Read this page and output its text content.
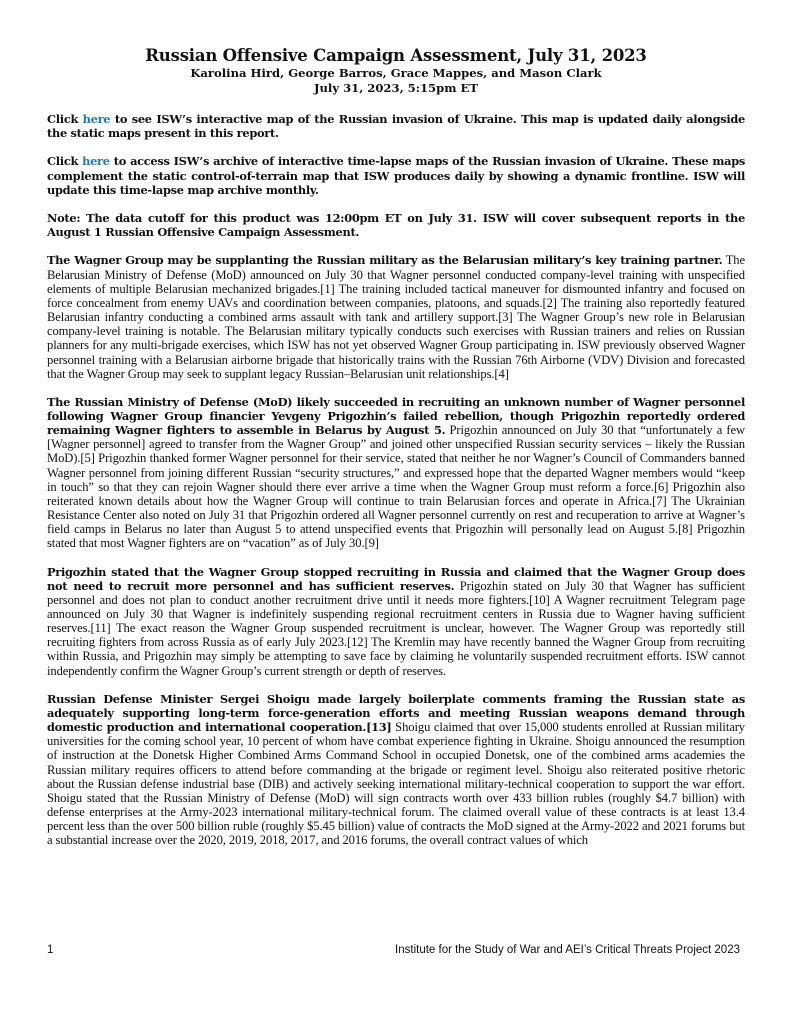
Russian Offensive Campaign Assessment, July 31, 2023
Karolina Hird, George Barros, Grace Mappes, and Mason Clark
July 31, 2023, 5:15pm ET

Click here to see ISW’s interactive map of the Russian invasion of Ukraine. This map is updated daily alongside the static maps present in this report.

Click here to access ISW’s archive of interactive time-lapse maps of the Russian invasion of Ukraine. These maps complement the static control-of-terrain map that ISW produces daily by showing a dynamic frontline. ISW will update this time-lapse map archive monthly.

Note: The data cutoff for this product was 12:00pm ET on July 31. ISW will cover subsequent reports in the August 1 Russian Offensive Campaign Assessment.

The Wagner Group may be supplanting the Russian military as the Belarusian military’s key training partner. The Belarusian Ministry of Defense (MoD) announced on July 30 that Wagner personnel conducted company-level training with unspecified elements of multiple Belarusian mechanized brigades.[1] The training included tactical maneuver for dismounted infantry and focused on force concealment from enemy UAVs and coordination between companies, platoons, and squads.[2] The training also reportedly featured Belarusian infantry conducting a combined arms assault with tank and artillery support.[3] The Wagner Group’s new role in Belarusian company-level training is notable. The Belarusian military typically conducts such exercises with Russian trainers and relies on Russian planners for any multi-brigade exercises, which ISW has not yet observed Wagner Group participating in. ISW previously observed Wagner personnel training with a Belarusian airborne brigade that historically trains with the Russian 76th Airborne (VDV) Division and forecasted that the Wagner Group may seek to supplant legacy Russian–Belarusian unit relationships.[4]

The Russian Ministry of Defense (MoD) likely succeeded in recruiting an unknown number of Wagner personnel following Wagner Group financier Yevgeny Prigozhin’s failed rebellion, though Prigozhin reportedly ordered remaining Wagner fighters to assemble in Belarus by August 5. Prigozhin announced on July 30 that “unfortunately a few [Wagner personnel] agreed to transfer from the Wagner Group” and joined other unspecified Russian security services – likely the Russian MoD).[5] Prigozhin thanked former Wagner personnel for their service, stated that neither he nor Wagner’s Council of Commanders banned Wagner personnel from joining different Russian “security structures,” and expressed hope that the departed Wagner members would “keep in touch” so that they can rejoin Wagner should there ever arrive a time when the Wagner Group must reform a force.[6] Prigozhin also reiterated known details about how the Wagner Group will continue to train Belarusian forces and operate in Africa.[7] The Ukrainian Resistance Center also noted on July 31 that Prigozhin ordered all Wagner personnel currently on rest and recuperation to arrive at Wagner’s field camps in Belarus no later than August 5 to attend unspecified events that Prigozhin will personally lead on August 5.[8] Prigozhin stated that most Wagner fighters are on “vacation” as of July 30.[9]

Prigozhin stated that the Wagner Group stopped recruiting in Russia and claimed that the Wagner Group does not need to recruit more personnel and has sufficient reserves. Prigozhin stated on July 30 that Wagner has sufficient personnel and does not plan to conduct another recruitment drive until it needs more fighters.[10] A Wagner recruitment Telegram page announced on July 30 that Wagner is indefinitely suspending regional recruitment centers in Russia due to Wagner having sufficient reserves.[11] The exact reason the Wagner Group suspended recruitment is unclear, however. The Wagner Group was reportedly still recruiting fighters from across Russia as of early July 2023.[12] The Kremlin may have recently banned the Wagner Group from recruiting within Russia, and Prigozhin may simply be attempting to save face by claiming he voluntarily suspended recruitment efforts. ISW cannot independently confirm the Wagner Group’s current strength or depth of reserves.

Russian Defense Minister Sergei Shoigu made largely boilerplate comments framing the Russian state as adequately supporting long-term force-generation efforts and meeting Russian weapons demand through domestic production and international cooperation.[13] Shoigu claimed that over 15,000 students enrolled at Russian military universities for the coming school year, 10 percent of whom have combat experience fighting in Ukraine. Shoigu announced the resumption of instruction at the Donetsk Higher Combined Arms Command School in occupied Donetsk, one of the combined arms academies the Russian military requires officers to attend before commanding at the brigade or regiment level. Shoigu also reiterated positive rhetoric about the Russian defense industrial base (DIB) and actively seeking international military-technical cooperation to support the war effort. Shoigu stated that the Russian Ministry of Defense (MoD) will sign contracts worth over 433 billion rubles (roughly $4.7 billion) with defense enterprises at the Army-2023 international military-technical forum. The claimed overall value of these contracts is at least 13.4 percent less than the over 500 billion ruble (roughly $5.45 billion) value of contracts the MoD signed at the Army-2022 and 2021 forums but a substantial increase over the 2020, 2019, 2018, 2017, and 2016 forums, the overall contract values of which

1	Institute for the Study of War and AEI’s Critical Threats Project 2023
